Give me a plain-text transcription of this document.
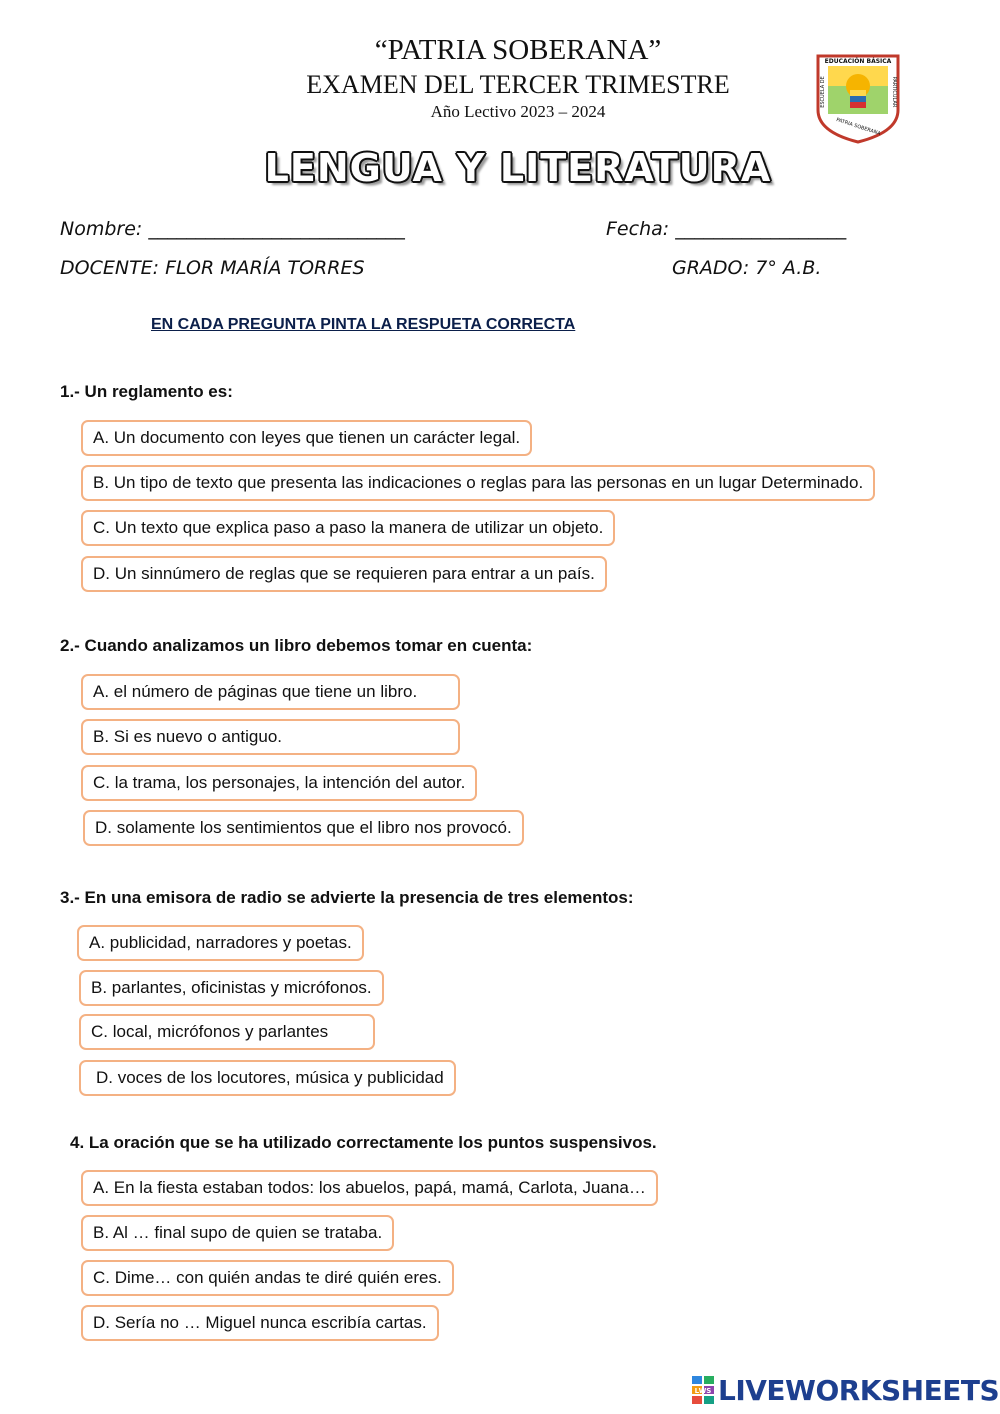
“PATRIA SOBERANA”
EXAMEN DEL TERCER TRIMESTRE
Año Lectivo 2023 – 2024
LENGUA Y LITERATURA
EDUCACIÓN BÁSICA
ESCUELA DE	PARTICULAR
PATRIA SOBERANA
Nombre: ___________________________	Fecha: __________________
DOCENTE: FLOR MARÍA TORRES	GRADO: 7° A.B.
EN CADA PREGUNTA PINTA LA RESPUETA CORRECTA
1.- Un reglamento es:
A. Un documento con leyes que tienen un carácter legal.
B. Un tipo de texto que presenta las indicaciones o reglas para las personas en un lugar Determinado.
C. Un texto que explica paso a paso la manera de utilizar un objeto.
D. Un sinnúmero de reglas que se requieren para entrar a un país.
2.- Cuando analizamos un libro debemos tomar en cuenta:
A. el número de páginas que tiene un libro.
B. Si es nuevo o antiguo.
C. la trama, los personajes, la intención del autor.
D. solamente los sentimientos que el libro nos provocó.
3.- En una emisora de radio se advierte la presencia de tres elementos:
A. publicidad, narradores y poetas.
B. parlantes, oficinistas y micrófonos.
C. local, micrófonos y parlantes
D. voces de los locutores, música y publicidad
4. La oración que se ha utilizado correctamente los puntos suspensivos.
A. En la fiesta estaban todos: los abuelos, papá, mamá, Carlota, Juana…
B. Al … final supo de quien se trataba.
C. Dime… con quién andas te diré quién eres.
D. Sería no … Miguel nunca escribía cartas.
LWS LIVEWORKSHEETS
